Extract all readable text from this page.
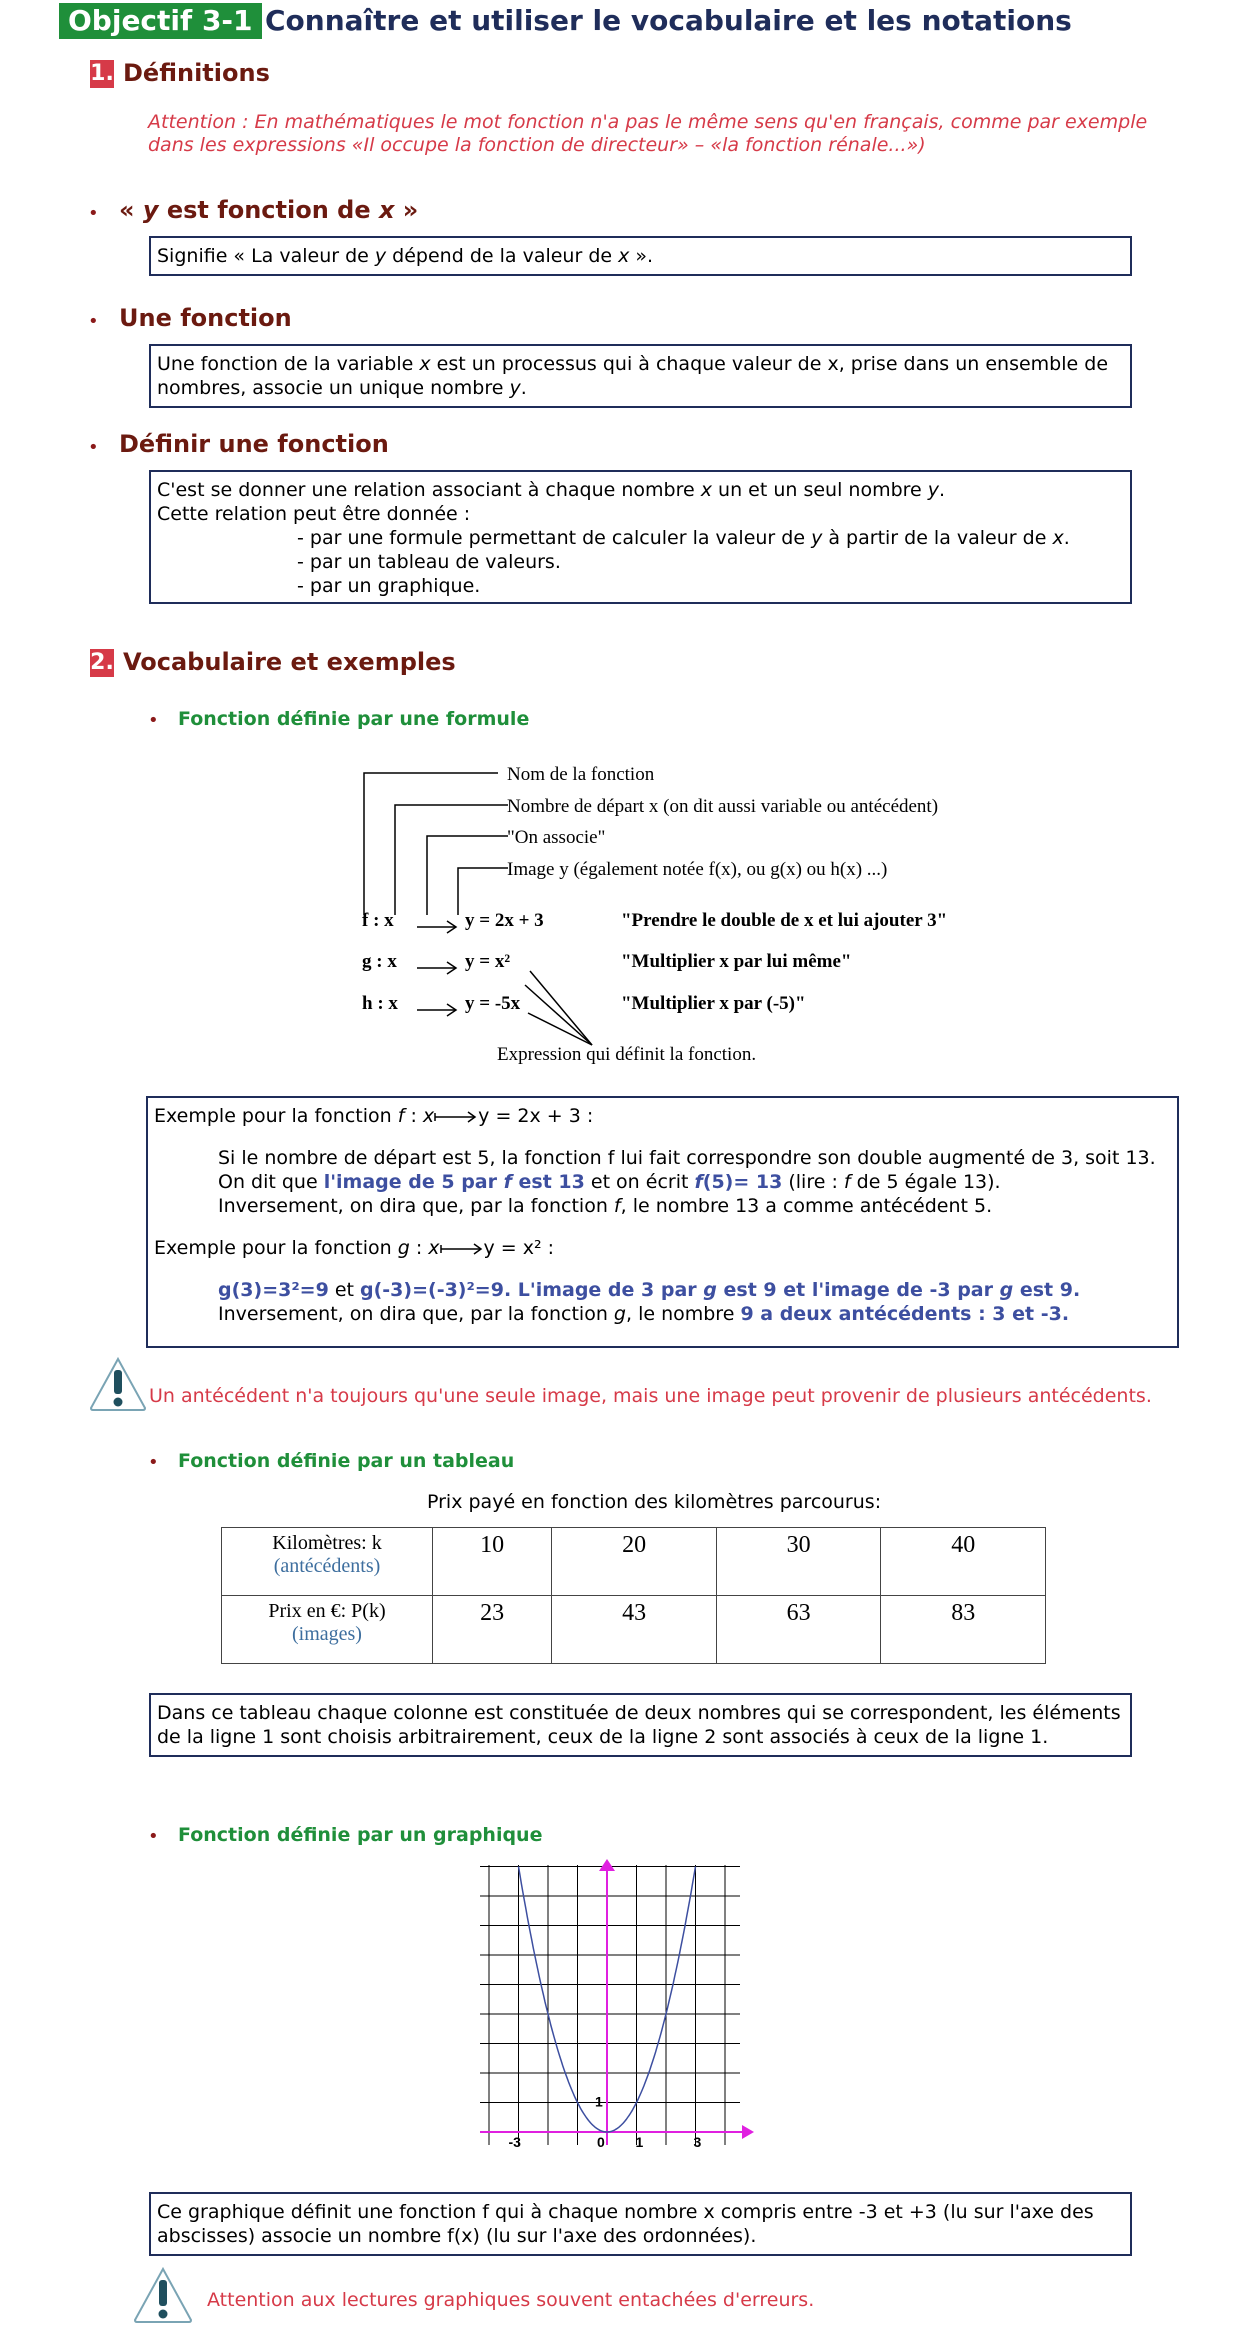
Objectif 3-1 Connaître et utiliser le vocabulaire et les notations
1. Définitions
Attention : En mathématiques le mot fonction n'a pas le même sens qu'en français, comme par exemple
dans les expressions «Il occupe la fonction de directeur» – «la fonction rénale...»)
• « y est fonction de x »
Signifie « La valeur de y dépend de la valeur de x ».
• Une fonction
Une fonction de la variable x est un processus qui à chaque valeur de x, prise dans un ensemble de
nombres, associe un unique nombre y.
• Définir une fonction
C'est se donner une relation associant à chaque nombre x un et un seul nombre y.
Cette relation peut être donnée :
- par une formule permettant de calculer la valeur de y à partir de la valeur de x.
- par un tableau de valeurs.
- par un graphique.
2. Vocabulaire et exemples
• Fonction définie par une formule
Nom de la fonction
Nombre de départ x (on dit aussi variable ou antécédent)
"On associe"
Image y (également notée f(x), ou g(x) ou h(x) ...)
f : x	y = 2x + 3	"Prendre le double de x et lui ajouter 3"
g : x	y = x²	"Multiplier x par lui même"
h : x	y = -5x	"Multiplier x par (-5)"
Expression qui définit la fonction.
Exemple pour la fonction f : x y = 2x + 3 :
Si le nombre de départ est 5, la fonction f lui fait correspondre son double augmenté de 3, soit 13.
On dit que l'image de 5 par f est 13 et on écrit f(5)= 13 (lire : f de 5 égale 13).
Inversement, on dira que, par la fonction f, le nombre 13 a comme antécédent 5.
Exemple pour la fonction g : x y = x² :
g(3)=3²=9 et g(-3)=(-3)²=9. L'image de 3 par g est 9 et l'image de -3 par g est 9.
Inversement, on dira que, par la fonction g, le nombre 9 a deux antécédents : 3 et -3.
Un antécédent n'a toujours qu'une seule image, mais une image peut provenir de plusieurs antécédents.
• Fonction définie par un tableau
Prix payé en fonction des kilomètres parcourus:
Kilomètres: k
(antécédents)	10	20	30	40

Prix en €: P(k)
(images)	23	43	63	83
Dans ce tableau chaque colonne est constituée de deux nombres qui se correspondent, les éléments
de la ligne 1 sont choisis arbitrairement, ceux de la ligne 2 sont associés à ceux de la ligne 1.
• Fonction définie par un graphique
-3	0 1	3
1
Ce graphique définit une fonction f qui à chaque nombre x compris entre -3 et +3 (lu sur l'axe des
abscisses) associe un nombre f(x) (lu sur l'axe des ordonnées).
Attention aux lectures graphiques souvent entachées d'erreurs.
